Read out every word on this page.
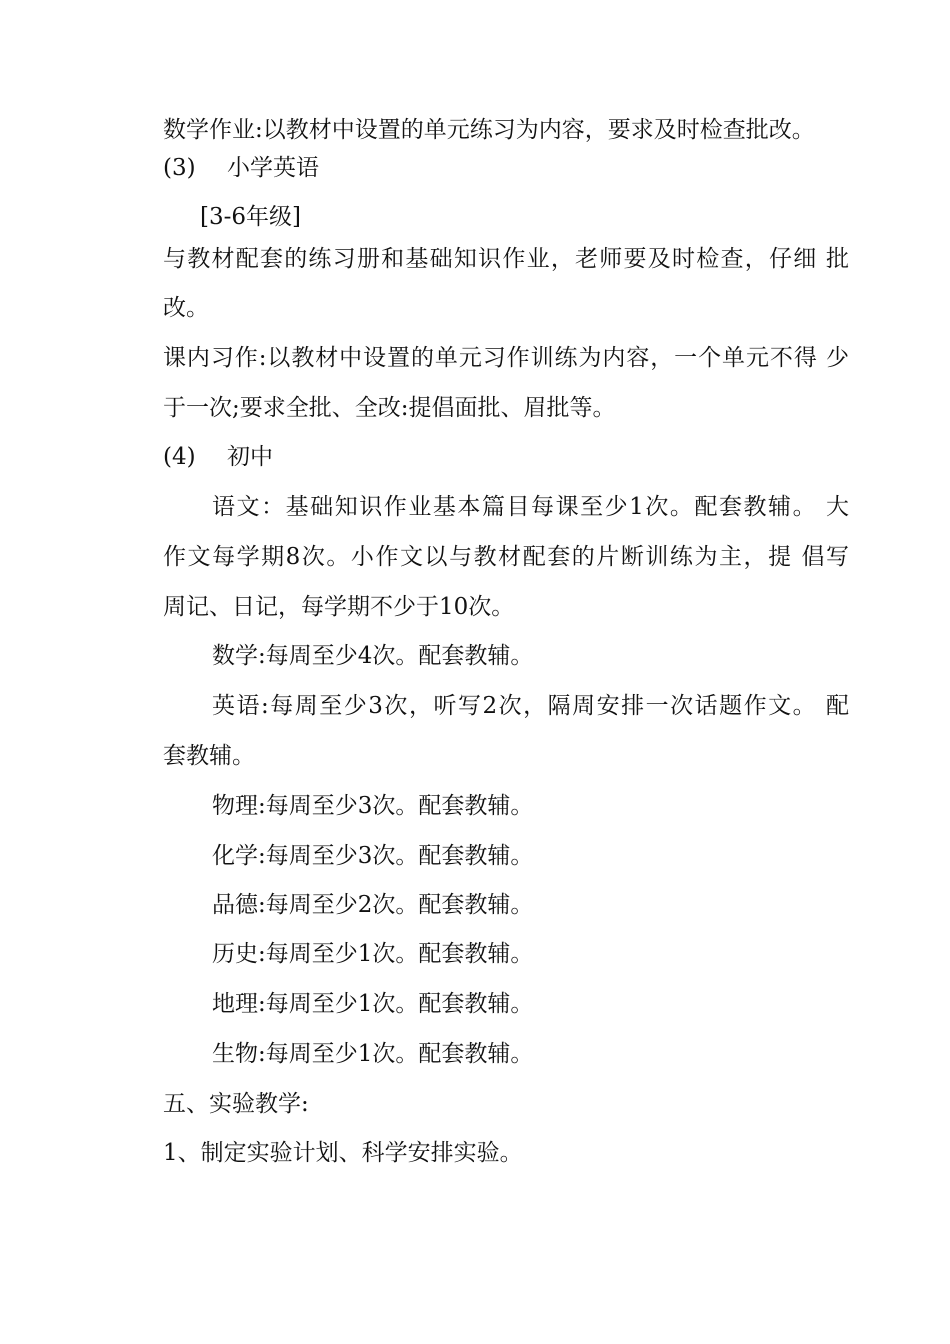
数学作业:以教材中设置的单元练习为内容，要求及时检查批改。

(3) 小学英语

[3-6年级]

与教材配套的练习册和基础知识作业，老师要及时检查，仔细 批

改。

课内习作:以教材中设置的单元习作训练为内容，一个单元不得 少

于一次;要求全批、全改:提倡面批、眉批等。

(4) 初中

语文：基础知识作业基本篇目每课至少1次。配套教辅。 大

作文每学期8次。小作文以与教材配套的片断训练为主，提 倡写

周记、日记，每学期不少于10次。

数学:每周至少4次。配套教辅。

英语:每周至少3次，听写2次，隔周安排一次话题作文。 配

套教辅。

物理:每周至少3次。配套教辅。

化学:每周至少3次。配套教辅。

品德:每周至少2次。配套教辅。

历史:每周至少1次。配套教辅。

地理:每周至少1次。配套教辅。

生物:每周至少1次。配套教辅。

五、实验教学:

1、制定实验计划、科学安排实验。
